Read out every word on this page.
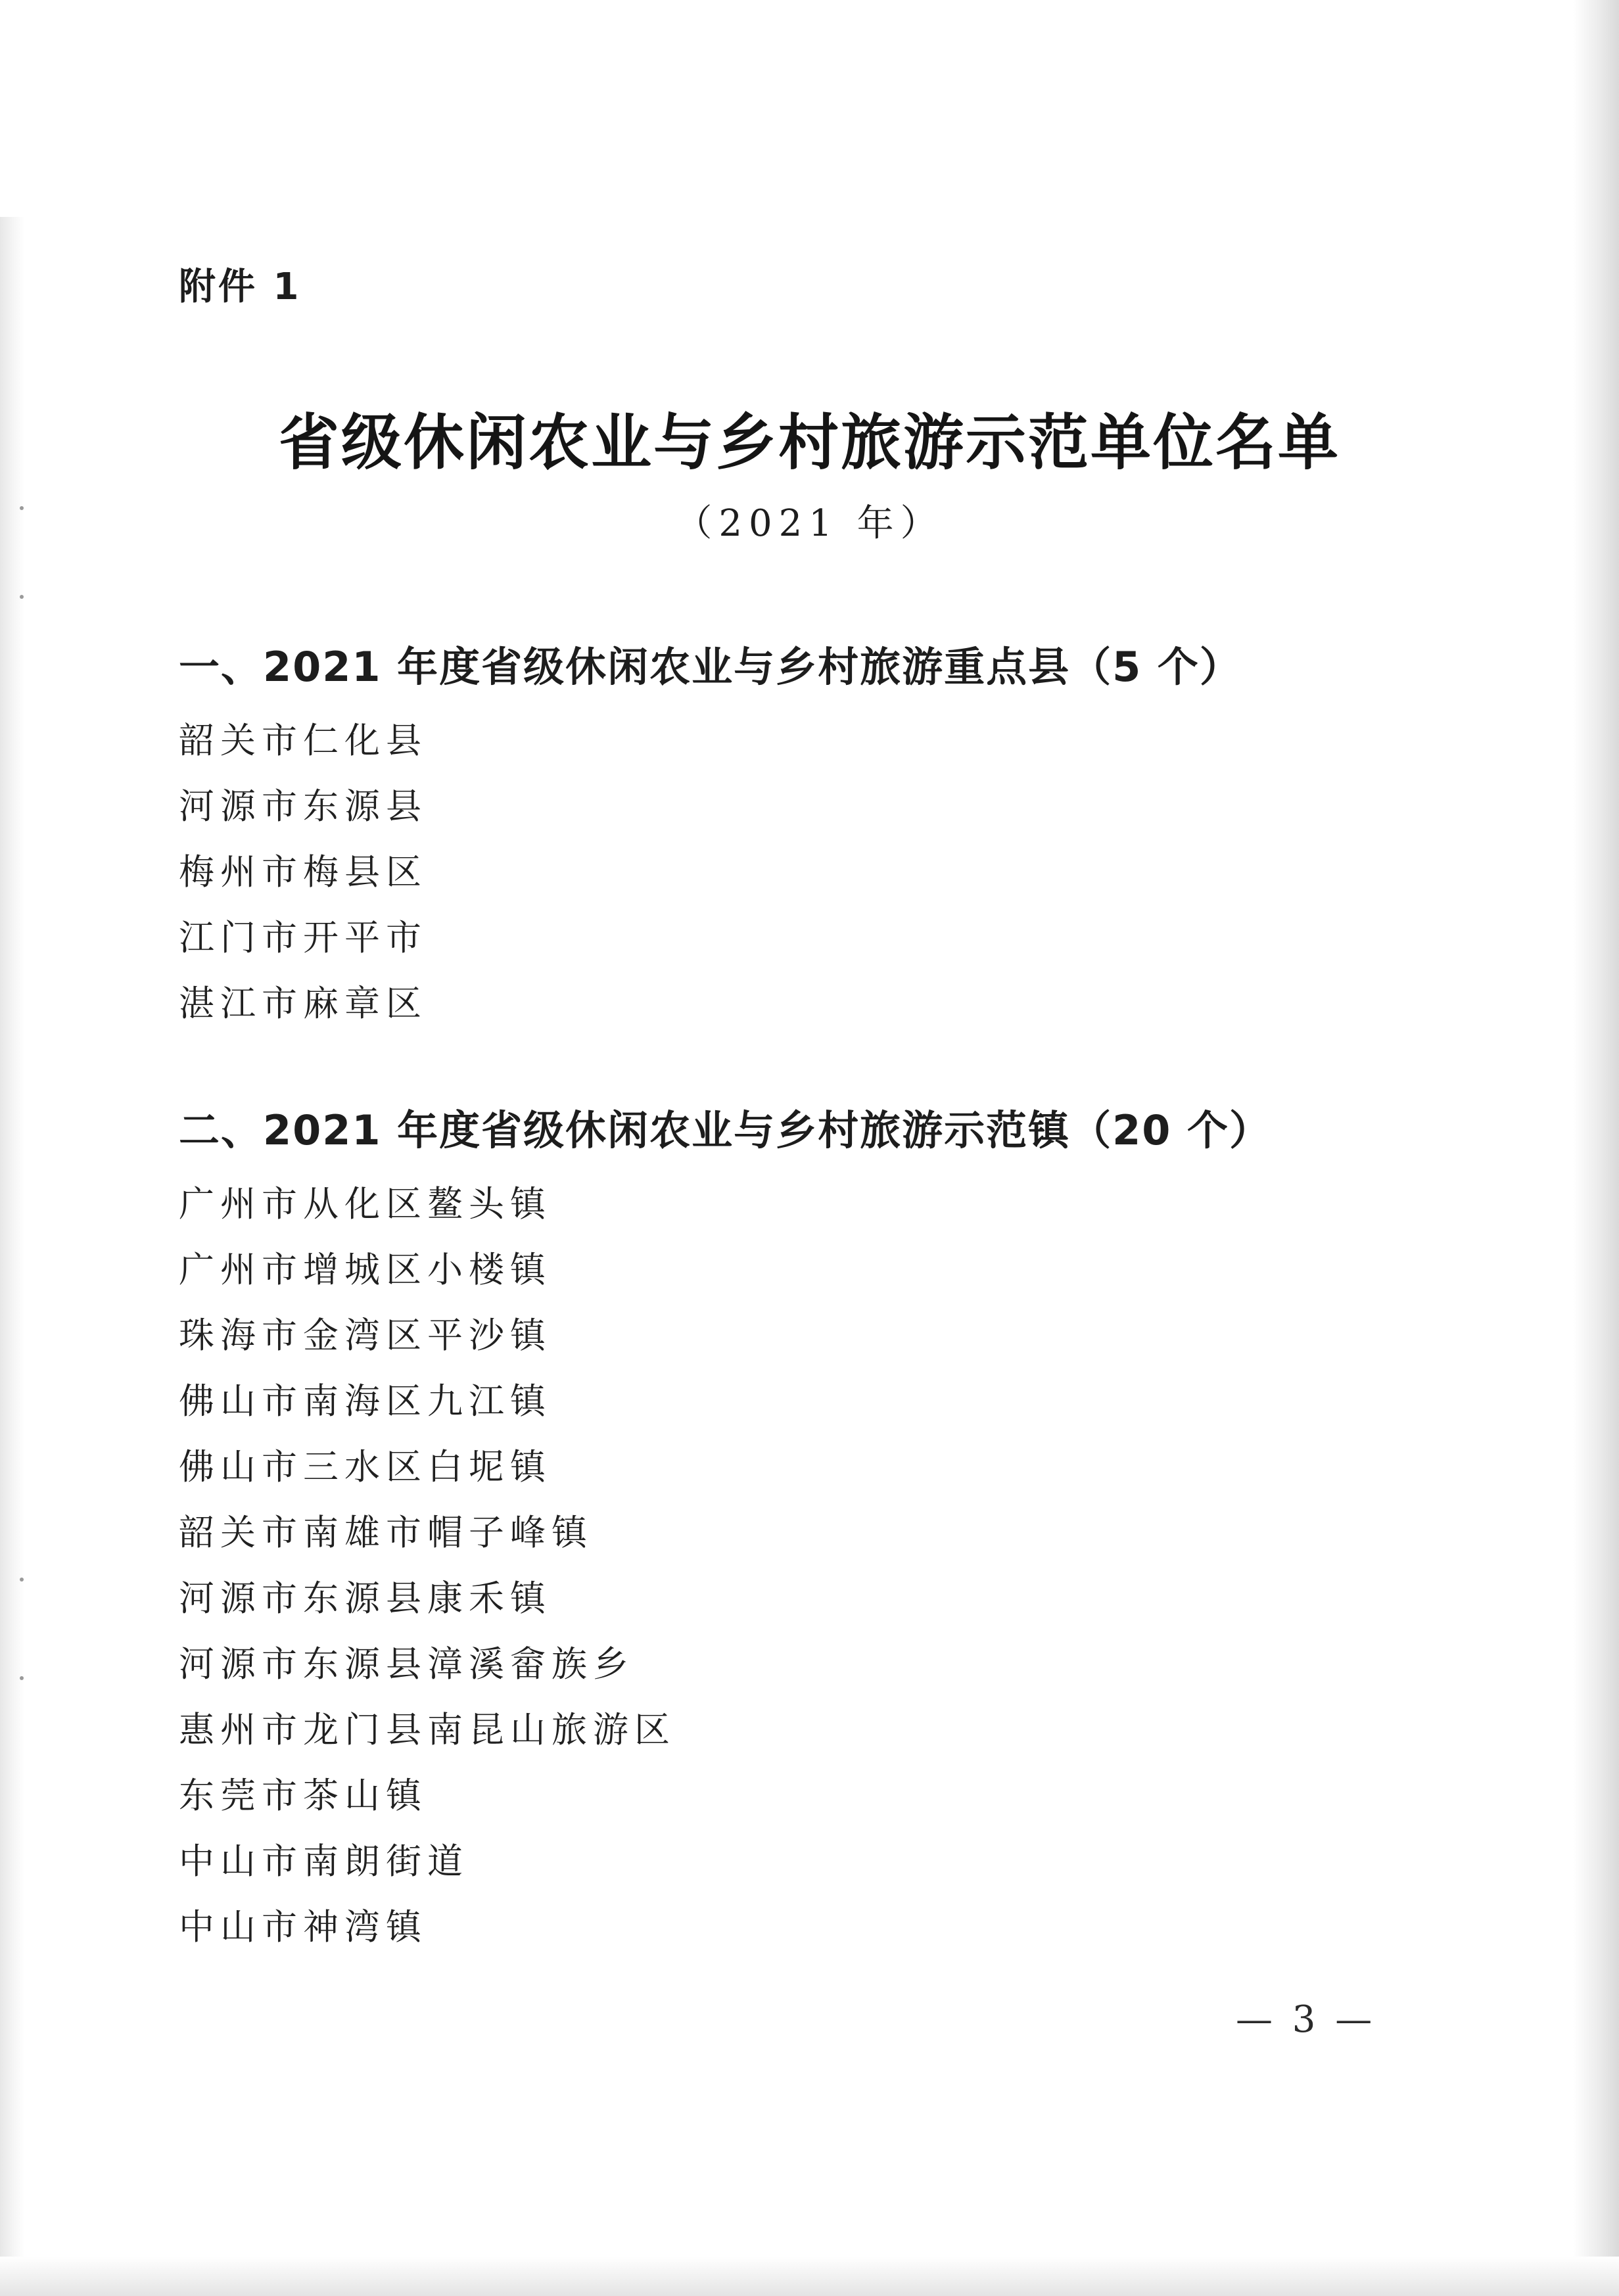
附件 1
省级休闲农业与乡村旅游示范单位名单
（2021 年）
一、2021 年度省级休闲农业与乡村旅游重点县（5 个）
韶关市仁化县
河源市东源县
梅州市梅县区
江门市开平市
湛江市麻章区
二、2021 年度省级休闲农业与乡村旅游示范镇（20 个）
广州市从化区鳌头镇
广州市增城区小楼镇
珠海市金湾区平沙镇
佛山市南海区九江镇
佛山市三水区白坭镇
韶关市南雄市帽子峰镇
河源市东源县康禾镇
河源市东源县漳溪畲族乡
惠州市龙门县南昆山旅游区
东莞市茶山镇
中山市南朗街道
中山市神湾镇
— 3 —
